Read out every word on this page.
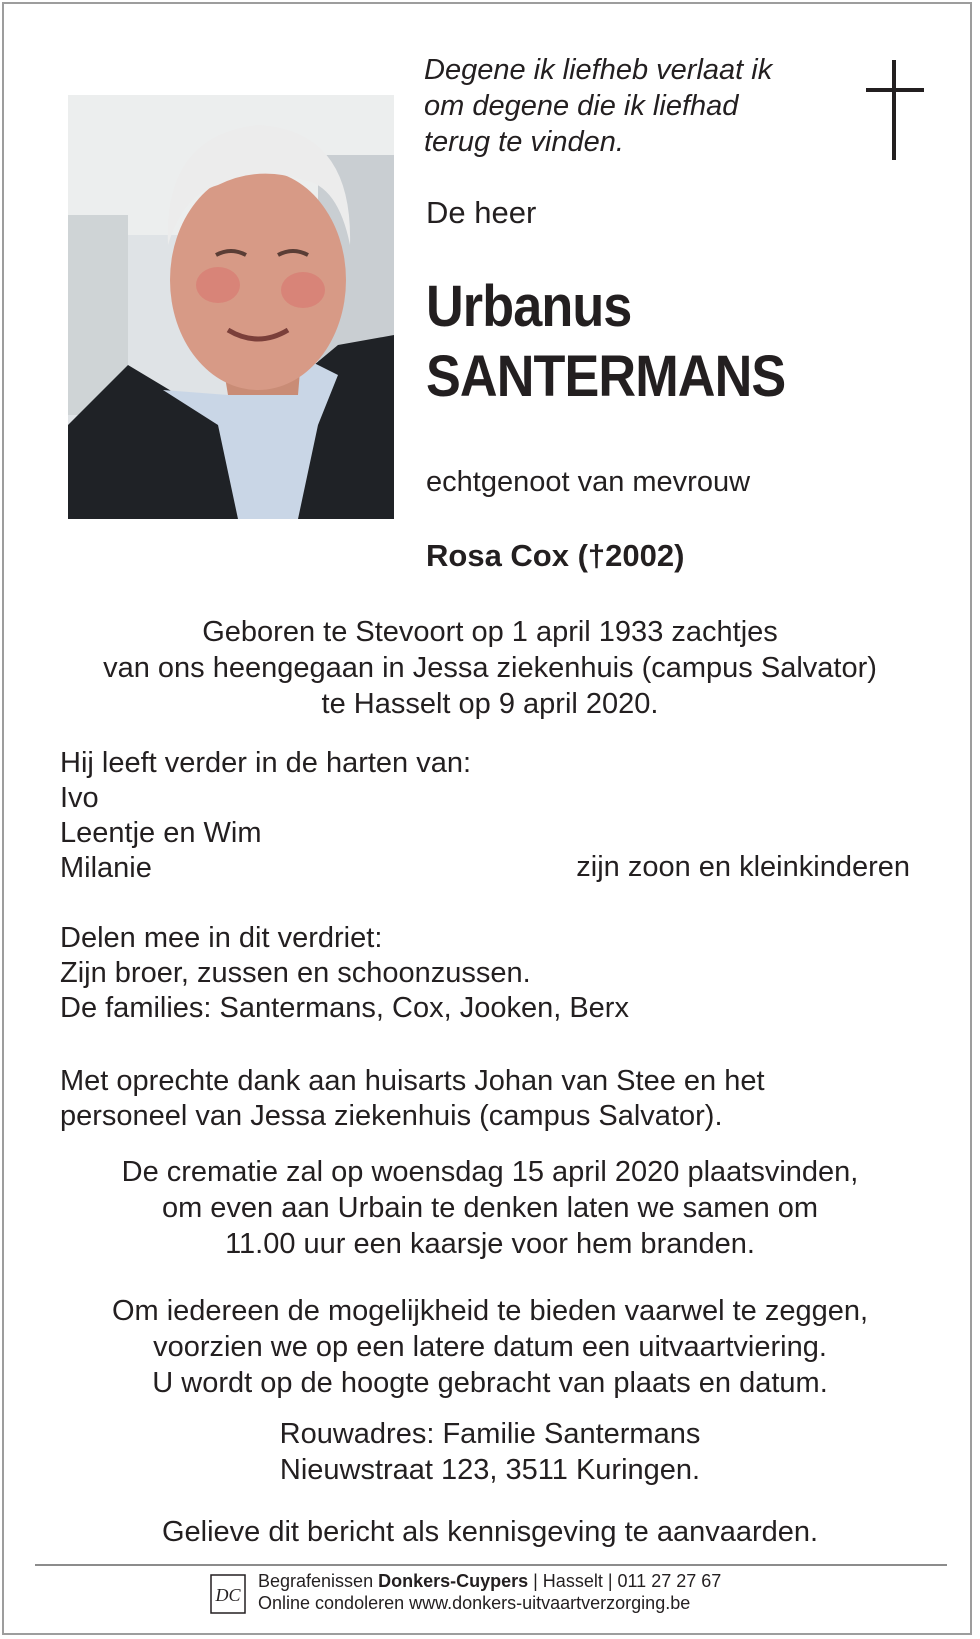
Degene ik liefheb verlaat ik
om degene die ik liefhad
terug te vinden.
De heer
Urbanus
SANTERMANS
echtgenoot van mevrouw
Rosa Cox (†2002)
Geboren te Stevoort op 1 april 1933 zachtjes
van ons heengegaan in Jessa ziekenhuis (campus Salvator)
te Hasselt op 9 april 2020.
Hij leeft verder in de harten van:
Ivo
Leentje en Wim
Milanie	zijn zoon en kleinkinderen
Delen mee in dit verdriet:
Zijn broer, zussen en schoonzussen.
De families: Santermans, Cox, Jooken, Berx
Met oprechte dank aan huisarts Johan van Stee en het
personeel van Jessa ziekenhuis (campus Salvator).
De crematie zal op woensdag 15 april 2020 plaatsvinden,
om even aan Urbain te denken laten we samen om
11.00 uur een kaarsje voor hem branden.
Om iedereen de mogelijkheid te bieden vaarwel te zeggen,
voorzien we op een latere datum een uitvaartviering.
U wordt op de hoogte gebracht van plaats en datum.
Rouwadres: Familie Santermans
Nieuwstraat 123, 3511 Kuringen.
Gelieve dit bericht als kennisgeving te aanvaarden.
DC
Begrafenissen Donkers-Cuypers | Hasselt | 011 27 27 67
Online condoleren www.donkers-uitvaartverzorging.be
